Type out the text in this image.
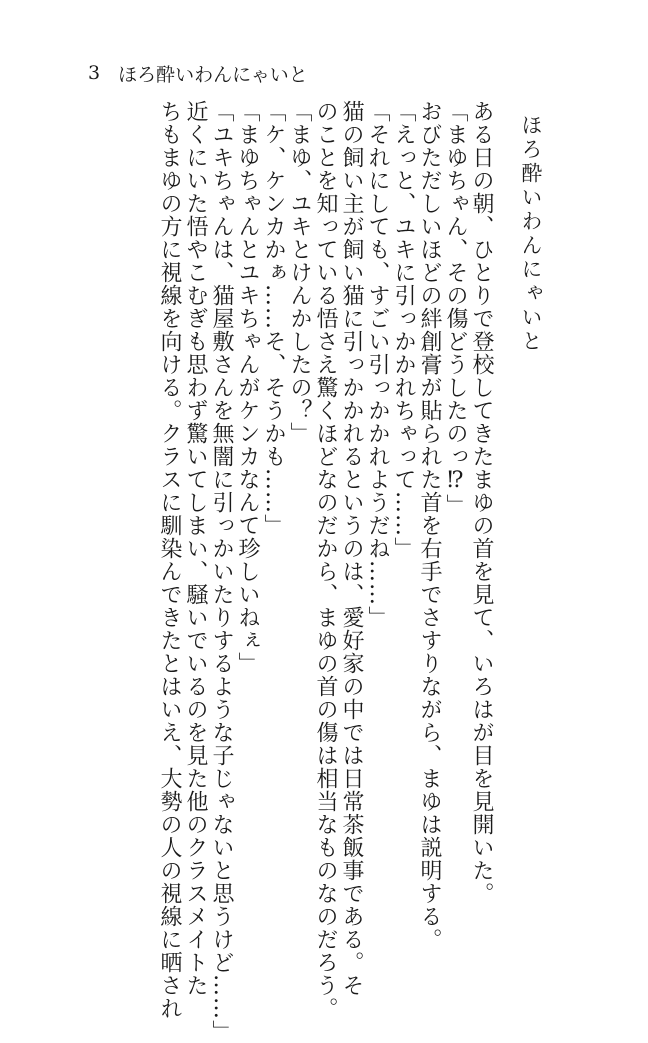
3 ほろ酔いわんにゃいと
ほろ酔いわんにゃいと
ある日の朝、ひとりで登校してきたまゆの首を見て、いろはが目を見開いた。
「まゆちゃん、その傷どうしたのっ⁉」
おびただしいほどの絆創膏が貼られた首を右手でさすりながら、まゆは説明する。
「えっと、ユキに引っかかれちゃって……」
「それにしても、すごい引っかかれようだね……」
猫の飼い主が飼い猫に引っかかれるというのは、愛好家の中では日常茶飯事である。そ
のことを知っている悟さえ驚くほどなのだから、まゆの首の傷は相当なものなのだろう。
「まゆ、ユキとけんかしたの？」
「ケ、ケンカかぁ……そ、そうかも……」
「まゆちゃんとユキちゃんがケンカなんて珍しいねぇ」
「ユキちゃんは、猫屋敷さんを無闇に引っかいたりするような子じゃないと思うけど……」
近くにいた悟やこむぎも思わず驚いてしまい、騒いでいるのを見た他のクラスメイトた
ちもまゆの方に視線を向ける。クラスに馴染んできたとはいえ、大勢の人の視線に晒され
